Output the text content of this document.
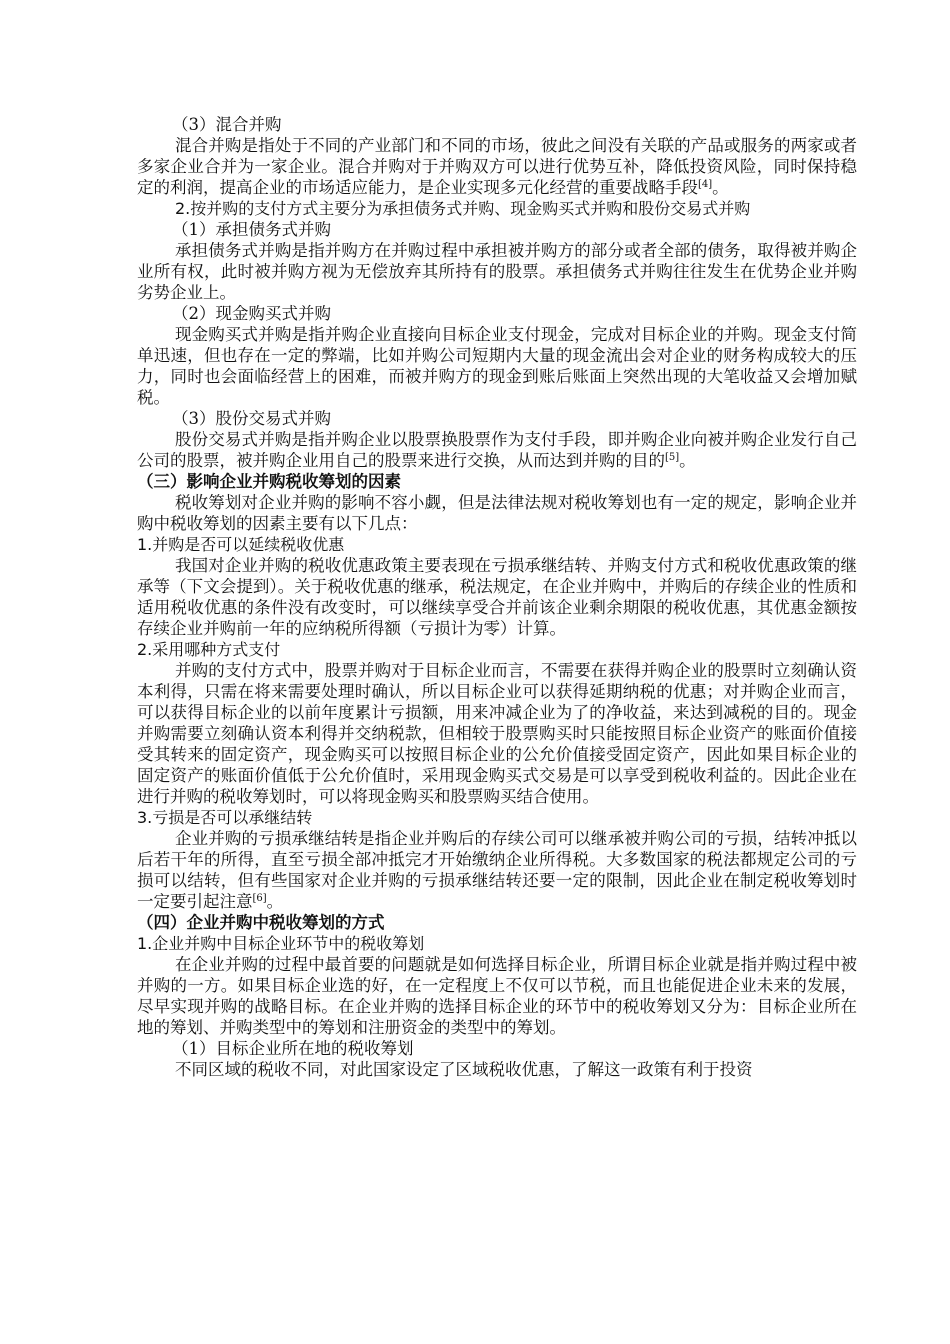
（3）混合并购

混合并购是指处于不同的产业部门和不同的市场，彼此之间没有关联的产品或服务的两家或者多家企业合并为一家企业。混合并购对于并购双方可以进行优势互补，降低投资风险，同时保持稳定的利润，提高企业的市场适应能力，是企业实现多元化经营的重要战略手段[4]。

2.按并购的支付方式主要分为承担债务式并购、现金购买式并购和股份交易式并购

（1）承担债务式并购

承担债务式并购是指并购方在并购过程中承担被并购方的部分或者全部的债务，取得被并购企业所有权，此时被并购方视为无偿放弃其所持有的股票。承担债务式并购往往发生在优势企业并购劣势企业上。

（2）现金购买式并购

现金购买式并购是指并购企业直接向目标企业支付现金，完成对目标企业的并购。现金支付简单迅速，但也存在一定的弊端，比如并购公司短期内大量的现金流出会对企业的财务构成较大的压力，同时也会面临经营上的困难，而被并购方的现金到账后账面上突然出现的大笔收益又会增加赋税。

（3）股份交易式并购

股份交易式并购是指并购企业以股票换股票作为支付手段，即并购企业向被并购企业发行自己公司的股票，被并购企业用自己的股票来进行交换，从而达到并购的目的[5]。

（三）影响企业并购税收筹划的因素

税收筹划对企业并购的影响不容小觑，但是法律法规对税收筹划也有一定的规定，影响企业并购中税收筹划的因素主要有以下几点：

1.并购是否可以延续税收优惠

我国对企业并购的税收优惠政策主要表现在亏损承继结转、并购支付方式和税收优惠政策的继承等（下文会提到）。关于税收优惠的继承，税法规定，在企业并购中，并购后的存续企业的性质和适用税收优惠的条件没有改变时，可以继续享受合并前该企业剩余期限的税收优惠，其优惠金额按存续企业并购前一年的应纳税所得额（亏损计为零）计算。

2.采用哪种方式支付

并购的支付方式中，股票并购对于目标企业而言，不需要在获得并购企业的股票时立刻确认资本利得，只需在将来需要处理时确认，所以目标企业可以获得延期纳税的优惠；对并购企业而言，可以获得目标企业的以前年度累计亏损额，用来冲减企业为了的净收益，来达到减税的目的。现金并购需要立刻确认资本利得并交纳税款，但相较于股票购买时只能按照目标企业资产的账面价值接受其转来的固定资产，现金购买可以按照目标企业的公允价值接受固定资产，因此如果目标企业的固定资产的账面价值低于公允价值时，采用现金购买式交易是可以享受到税收利益的。因此企业在进行并购的税收筹划时，可以将现金购买和股票购买结合使用。

3.亏损是否可以承继结转

企业并购的亏损承继结转是指企业并购后的存续公司可以继承被并购公司的亏损，结转冲抵以后若干年的所得，直至亏损全部冲抵完才开始缴纳企业所得税。大多数国家的税法都规定公司的亏损可以结转，但有些国家对企业并购的亏损承继结转还要一定的限制，因此企业在制定税收筹划时一定要引起注意[6]。

（四）企业并购中税收筹划的方式

1.企业并购中目标企业环节中的税收筹划

在企业并购的过程中最首要的问题就是如何选择目标企业，所谓目标企业就是指并购过程中被并购的一方。如果目标企业选的好，在一定程度上不仅可以节税，而且也能促进企业未来的发展，尽早实现并购的战略目标。在企业并购的选择目标企业的环节中的税收筹划又分为：目标企业所在地的筹划、并购类型中的筹划和注册资金的类型中的筹划。

（1）目标企业所在地的税收筹划

不同区域的税收不同，对此国家设定了区域税收优惠，了解这一政策有利于投资
